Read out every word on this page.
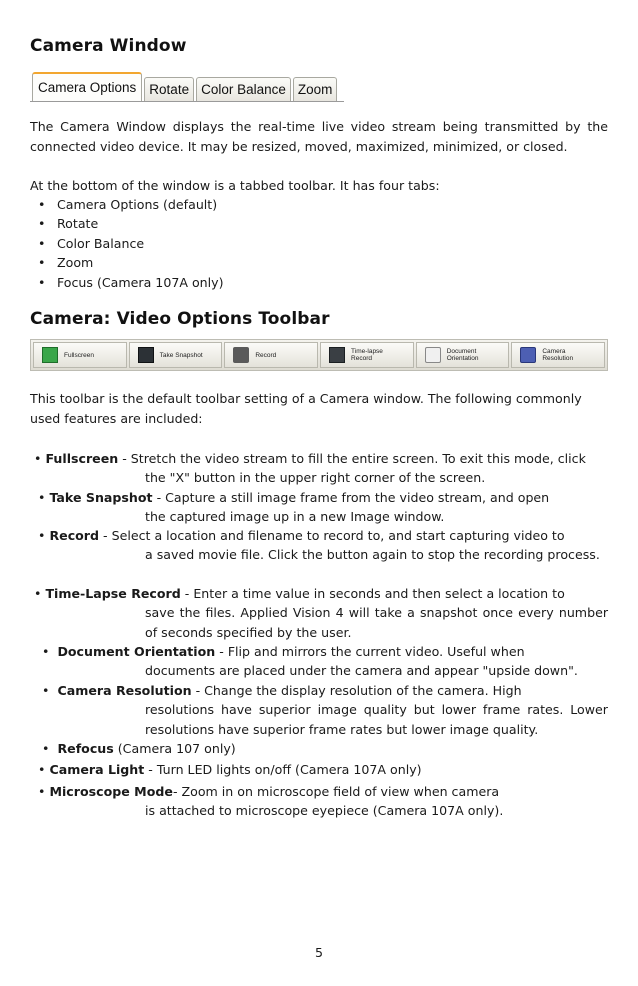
Camera Window
Camera Options Rotate Color Balance Zoom

The Camera Window displays the real-time live video stream being transmitted by the connected video device. It may be resized, moved, maximized, minimized, or closed.

At the bottom of the window is a tabbed toolbar. It has four tabs:

• Camera Options (default)
• Rotate
• Color Balance
• Zoom
• Focus (Camera 107A only)
Camera: Video Options Toolbar
Fullscreen	Take Snapshot	Record	Time-lapse Record
Document Orientation
Camera Resolution

This toolbar is the default toolbar setting of a Camera window. The following commonly used features are included:

• Fullscreen - Stretch the video stream to fill the entire screen. To exit this mode, click
the "X" button in the upper right corner of the screen.
• Take Snapshot - Capture a still image frame from the video stream, and open
the captured image up in a new Image window.
• Record - Select a location and filename to record to, and start capturing video to
a saved movie file. Click the button again to stop the recording process.
• Time-Lapse Record - Enter a time value in seconds and then select a location to
save the files. Applied Vision 4 will take a snapshot once every number of seconds specified by the user.
•  Document Orientation - Flip and mirrors the current video. Useful when
documents are placed under the camera and appear "upside down".
•  Camera Resolution - Change the display resolution of the camera. High
resolutions have superior image quality but lower frame rates. Lower resolutions have superior frame rates but lower image quality.
•  Refocus (Camera 107 only)
• Camera Light - Turn LED lights on/off (Camera 107A only)
• Microscope Mode- Zoom in on microscope field of view when camera
is attached to microscope eyepiece (Camera 107A only).
5
